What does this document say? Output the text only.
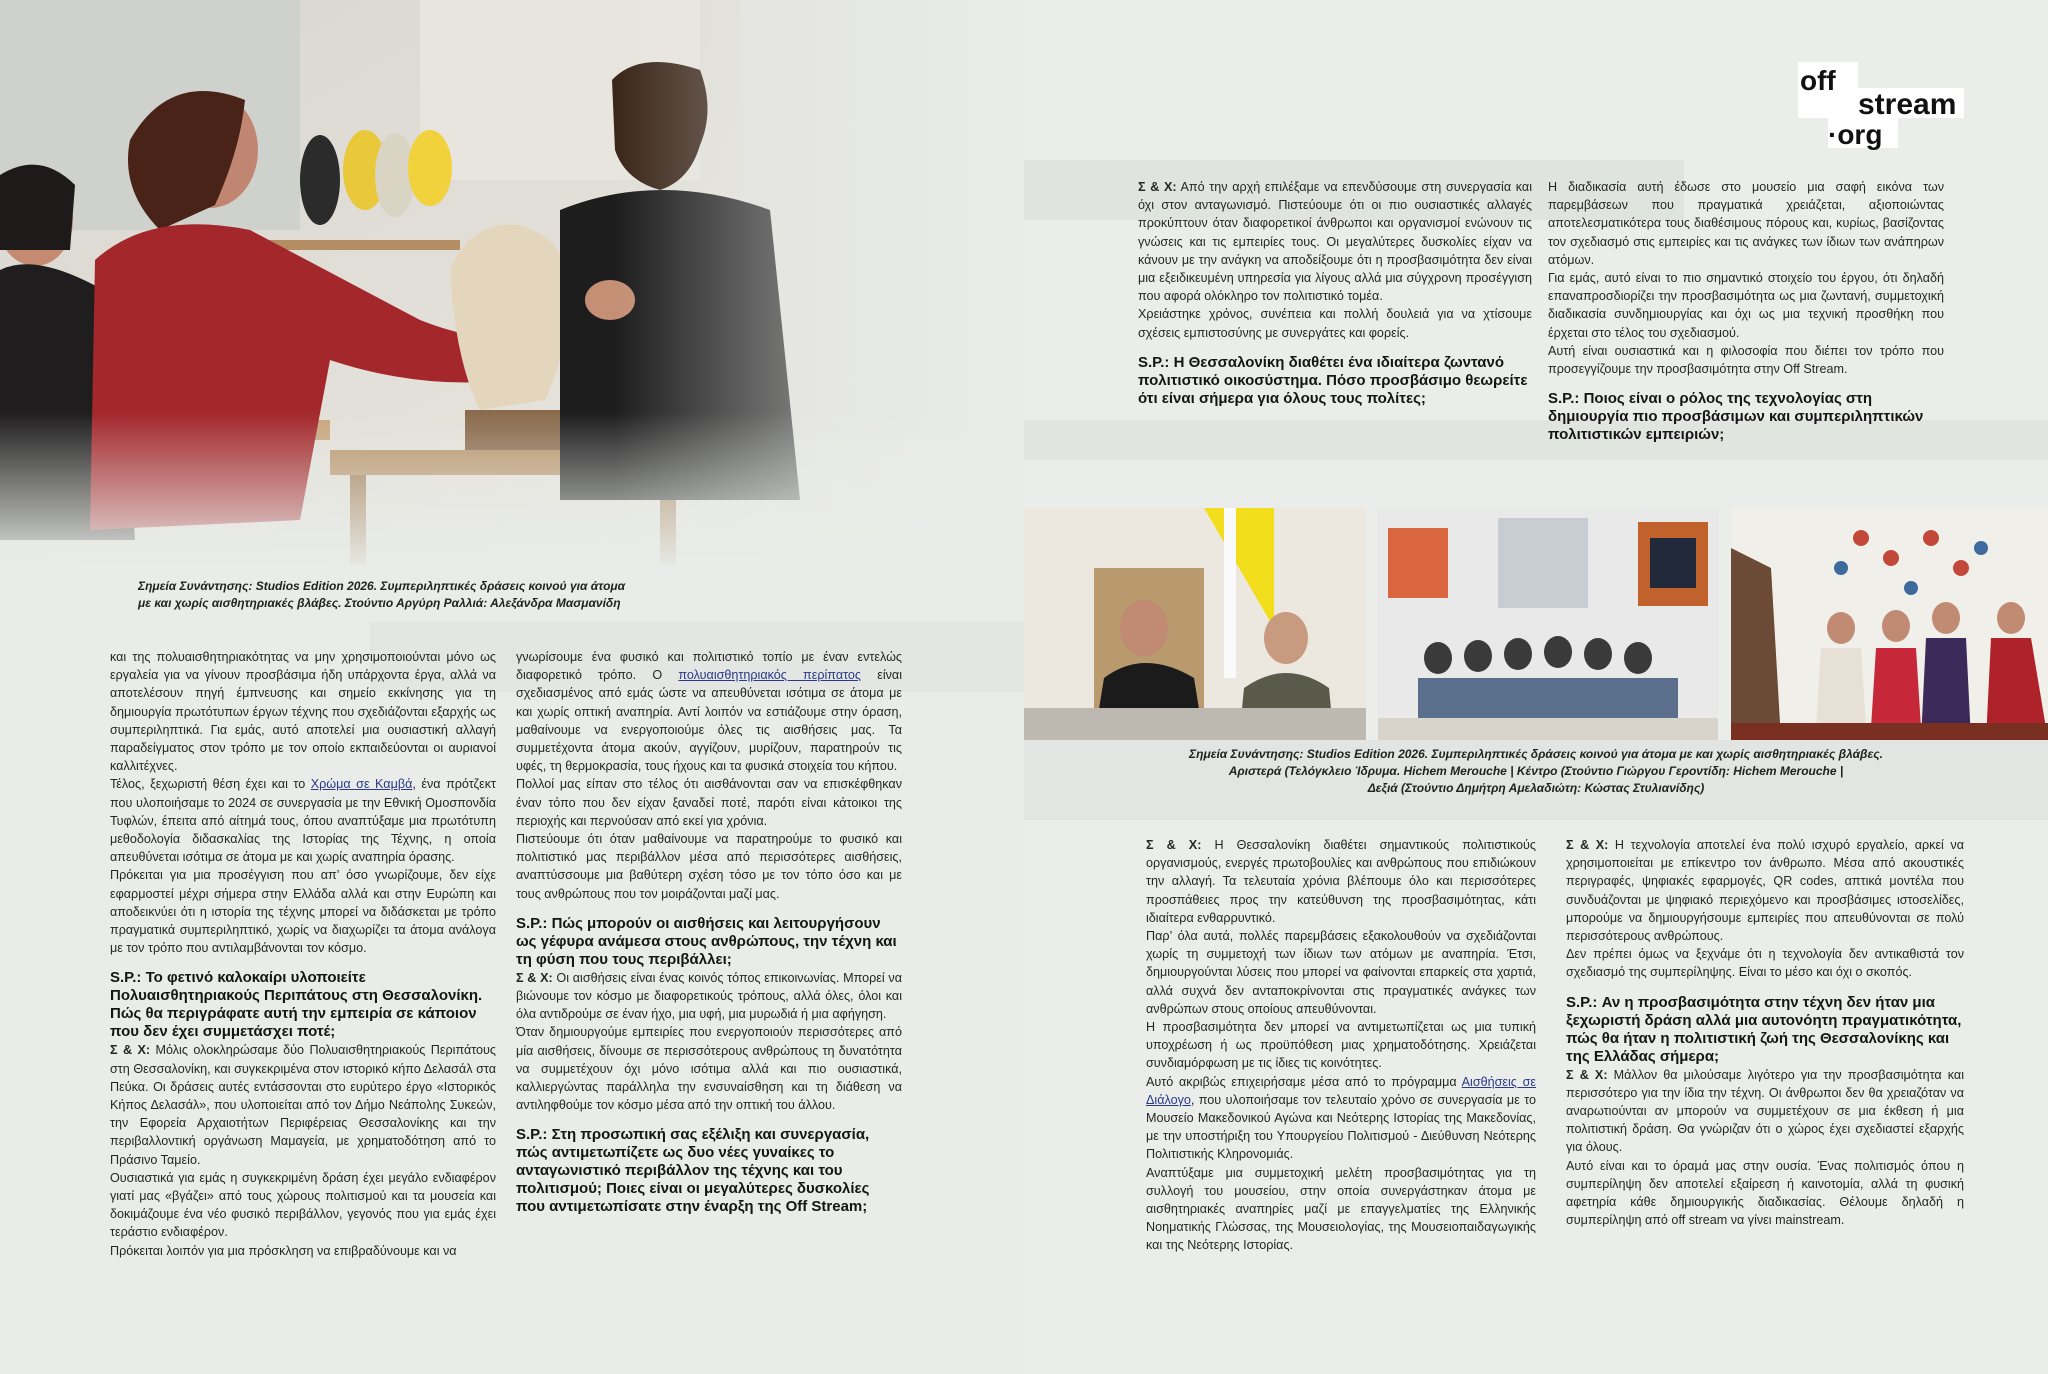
Σημεία Συνάντησης: Studios Edition 2026. Συμπεριληπτικές δράσεις κοινού για άτομα
με και χωρίς αισθητηριακές βλάβες. Στούντιο Αργύρη Ραλλιά: Αλεξάνδρα Μασμανίδη

και της πολυαισθητηριακότητας να μην χρησιμοποιούνται μόνο ως εργαλεία για να γίνουν προσβάσιμα ήδη υπάρχοντα έργα, αλλά να αποτελέσουν πηγή έμπνευσης και σημείο εκκίνησης για τη δημιουργία πρωτότυπων έργων τέχνης που σχεδιάζονται εξαρχής ως συμπεριληπτικά. Για εμάς, αυτό αποτελεί μια ουσιαστική αλλαγή παραδείγματος στον τρόπο με τον οποίο εκπαιδεύονται οι αυριανοί καλλιτέχνες.

Τέλος, ξεχωριστή θέση έχει και το Χρώμα σε Καμβά, ένα πρότζεκτ που υλοποιήσαμε το 2024 σε συνεργασία με την Εθνική Ομοσπονδία Τυφλών, έπειτα από αίτημά τους, όπου αναπτύξαμε μια πρωτότυπη μεθοδολογία διδασκαλίας της Ιστορίας της Τέχνης, η οποία απευθύνεται ισότιμα σε άτομα με και χωρίς αναπηρία όρασης.

Πρόκειται για μια προσέγγιση που απ’ όσο γνωρίζουμε, δεν είχε εφαρμοστεί μέχρι σήμερα στην Ελλάδα αλλά και στην Ευρώπη και αποδεικνύει ότι η ιστορία της τέχνης μπορεί να διδάσκεται με τρόπο πραγματικά συμπεριληπτικό, χωρίς να διαχωρίζει τα άτομα ανάλογα με τον τρόπο που αντιλαμβάνονται τον κόσμο.

S.P.: Το φετινό καλοκαίρι υλοποιείτε Πολυαισθητηριακούς Περιπάτους στη Θεσσαλονίκη. Πώς θα περιγράφατε αυτή την εμπειρία σε κάποιον που δεν έχει συμμετάσχει ποτέ;

Σ & Χ: Μόλις ολοκληρώσαμε δύο Πολυαισθητηριακούς Περιπάτους στη Θεσσαλονίκη, και συγκεκριμένα στον ιστορικό κήπο Δελασάλ στα Πεύκα. Οι δράσεις αυτές εντάσσονται στο ευρύτερο έργο «Ιστορικός Κήπος Δελασάλ», που υλοποιείται από τον Δήμο Νεάπολης Συκεών, την Εφορεία Αρχαιοτήτων Περιφέρειας Θεσσαλονίκης και την περιβαλλοντική οργάνωση Μαμαγεία, με χρηματοδότηση από το Πράσινο Ταμείο.

Ουσιαστικά για εμάς η συγκεκριμένη δράση έχει μεγάλο ενδιαφέρον γιατί μας «βγάζει» από τους χώρους πολιτισμού και τα μουσεία και δοκιμάζουμε ένα νέο φυσικό περιβάλλον, γεγονός που για εμάς έχει τεράστιο ενδιαφέρον.

Πρόκειται λοιπόν για μια πρόσκληση να επιβραδύνουμε και να

γνωρίσουμε ένα φυσικό και πολιτιστικό τοπίο με έναν εντελώς διαφορετικό τρόπο. Ο πολυαισθητηριακός περίπατος είναι σχεδιασμένος από εμάς ώστε να απευθύνεται ισότιμα σε άτομα με και χωρίς οπτική αναπηρία. Αντί λοιπόν να εστιάζουμε στην όραση, μαθαίνουμε να ενεργοποιούμε όλες τις αισθήσεις μας. Τα συμμετέχοντα άτομα ακούν, αγγίζουν, μυρίζουν, παρατηρούν τις υφές, τη θερμοκρασία, τους ήχους και τα φυσικά στοιχεία του κήπου.

Πολλοί μας είπαν στο τέλος ότι αισθάνονται σαν να επισκέφθηκαν έναν τόπο που δεν είχαν ξαναδεί ποτέ, παρότι είναι κάτοικοι της περιοχής και περνούσαν από εκεί για χρόνια.

Πιστεύουμε ότι όταν μαθαίνουμε να παρατηρούμε το φυσικό και πολιτιστικό μας περιβάλλον μέσα από περισσότερες αισθήσεις, αναπτύσσουμε μια βαθύτερη σχέση τόσο με τον τόπο όσο και με τους ανθρώπους που τον μοιράζονται μαζί μας.

S.P.: Πώς μπορούν οι αισθήσεις και λειτουργήσουν ως γέφυρα ανάμεσα στους ανθρώπους, την τέχνη και τη φύση που τους περιβάλλει;

Σ & Χ: Οι αισθήσεις είναι ένας κοινός τόπος επικοινωνίας. Μπορεί να βιώνουμε τον κόσμο με διαφορετικούς τρόπους, αλλά όλες, όλοι και όλα αντιδρούμε σε έναν ήχο, μια υφή, μια μυρωδιά ή μια αφήγηση.

Όταν δημιουργούμε εμπειρίες που ενεργοποιούν περισσότερες από μία αισθήσεις, δίνουμε σε περισσότερους ανθρώπους τη δυνατότητα να συμμετέχουν όχι μόνο ισότιμα αλλά και πιο ουσιαστικά, καλλιεργώντας παράλληλα την ενσυναίσθηση και τη διάθεση να αντιληφθούμε τον κόσμο μέσα από την οπτική του άλλου.

S.P.: Στη προσωπική σας εξέλιξη και συνεργασία, πώς αντιμετωπίζετε ως δυο νέες γυναίκες το ανταγωνιστικό περιβάλλον της τέχνης και του πολιτισμού; Ποιες είναι οι μεγαλύτερες δυσκολίες που αντιμετωπίσατε στην έναρξη της Off Stream;

off
stream
·org

Σ & Χ: Από την αρχή επιλέξαμε να επενδύσουμε στη συνεργασία και όχι στον ανταγωνισμό. Πιστεύουμε ότι οι πιο ουσιαστικές αλλαγές προκύπτουν όταν διαφορετικοί άνθρωποι και οργανισμοί ενώνουν τις γνώσεις και τις εμπειρίες τους. Οι μεγαλύτερες δυσκολίες είχαν να κάνουν με την ανάγκη να αποδείξουμε ότι η προσβασιμότητα δεν είναι μια εξειδικευμένη υπηρεσία για λίγους αλλά μια σύγχρονη προσέγγιση που αφορά ολόκληρο τον πολιτιστικό τομέα.

Χρειάστηκε χρόνος, συνέπεια και πολλή δουλειά για να χτίσουμε σχέσεις εμπιστοσύνης με συνεργάτες και φορείς.

S.P.: Η Θεσσαλονίκη διαθέτει ένα ιδιαίτερα ζωντανό πολιτιστικό οικοσύστημα. Πόσο προσβάσιμο θεωρείτε ότι είναι σήμερα για όλους τους πολίτες;

Η διαδικασία αυτή έδωσε στο μουσείο μια σαφή εικόνα των παρεμβάσεων που πραγματικά χρειάζεται, αξιοποιώντας αποτελεσματικότερα τους διαθέσιμους πόρους και, κυρίως, βασίζοντας τον σχεδιασμό στις εμπειρίες και τις ανάγκες των ίδιων των ανάπηρων ατόμων.

Για εμάς, αυτό είναι το πιο σημαντικό στοιχείο του έργου, ότι δηλαδή επαναπροσδιορίζει την προσβασιμότητα ως μια ζωντανή, συμμετοχική διαδικασία συνδημιουργίας και όχι ως μια τεχνική προσθήκη που έρχεται στο τέλος του σχεδιασμού.

Αυτή είναι ουσιαστικά και η φιλοσοφία που διέπει τον τρόπο που προσεγγίζουμε την προσβασιμότητα στην Off Stream.

S.P.: Ποιος είναι ο ρόλος της τεχνολογίας στη δημιουργία πιο προσβάσιμων και συμπεριληπτικών πολιτιστικών εμπειριών;

Σημεία Συνάντησης: Studios Edition 2026. Συμπεριληπτικές δράσεις κοινού για άτομα με και χωρίς αισθητηριακές βλάβες.
Αριστερά (Τελόγκλειο Ίδρυμα. Hichem Merouche | Κέντρο (Στούντιο Γιώργου Γεροντίδη: Hichem Merouche |
Δεξιά (Στούντιο Δημήτρη Αμελαδιώτη: Κώστας Στυλιανίδης)

Σ & Χ: Η Θεσσαλονίκη διαθέτει σημαντικούς πολιτιστικούς οργανισμούς, ενεργές πρωτοβουλίες και ανθρώπους που επιδιώκουν την αλλαγή. Τα τελευταία χρόνια βλέπουμε όλο και περισσότερες προσπάθειες προς την κατεύθυνση της προσβασιμότητας, κάτι ιδιαίτερα ενθαρρυντικό.

Παρ’ όλα αυτά, πολλές παρεμβάσεις εξακολουθούν να σχεδιάζονται χωρίς τη συμμετοχή των ίδιων των ατόμων με αναπηρία. Έτσι, δημιουργούνται λύσεις που μπορεί να φαίνονται επαρκείς στα χαρτιά, αλλά συχνά δεν ανταποκρίνονται στις πραγματικές ανάγκες των ανθρώπων στους οποίους απευθύνονται.

Η προσβασιμότητα δεν μπορεί να αντιμετωπίζεται ως μια τυπική υποχρέωση ή ως προϋπόθεση μιας χρηματοδότησης. Χρειάζεται συνδιαμόρφωση με τις ίδιες τις κοινότητες.

Αυτό ακριβώς επιχειρήσαμε μέσα από το πρόγραμμα Αισθήσεις σε Διάλογο, που υλοποιήσαμε τον τελευταίο χρόνο σε συνεργασία με το Μουσείο Μακεδονικού Αγώνα και Νεότερης Ιστορίας της Μακεδονίας, με την υποστήριξη του Υπουργείου Πολιτισμού - Διεύθυνση Νεότερης Πολιτιστικής Κληρονομιάς.

Αναπτύξαμε μια συμμετοχική μελέτη προσβασιμότητας για τη συλλογή του μουσείου, στην οποία συνεργάστηκαν άτομα με αισθητηριακές αναπηρίες μαζί με επαγγελματίες της Ελληνικής Νοηματικής Γλώσσας, της Μουσειολογίας, της Μουσειοπαιδαγωγικής και της Νεότερης Ιστορίας.

Σ & Χ: Η τεχνολογία αποτελεί ένα πολύ ισχυρό εργαλείο, αρκεί να χρησιμοποιείται με επίκεντρο τον άνθρωπο. Μέσα από ακουστικές περιγραφές, ψηφιακές εφαρμογές, QR codes, απτικά μοντέλα που συνδυάζονται με ψηφιακό περιεχόμενο και προσβάσιμες ιστοσελίδες, μπορούμε να δημιουργήσουμε εμπειρίες που απευθύνονται σε πολύ περισσότερους ανθρώπους.

Δεν πρέπει όμως να ξεχνάμε ότι η τεχνολογία δεν αντικαθιστά τον σχεδιασμό της συμπερίληψης. Είναι το μέσο και όχι ο σκοπός.

S.P.: Αν η προσβασιμότητα στην τέχνη δεν ήταν μια ξεχωριστή δράση αλλά μια αυτονόητη πραγματικότητα, πώς θα ήταν η πολιτιστική ζωή της Θεσσαλονίκης και της Ελλάδας σήμερα;

Σ & Χ: Μάλλον θα μιλούσαμε λιγότερο για την προσβασιμότητα και περισσότερο για την ίδια την τέχνη. Οι άνθρωποι δεν θα χρειαζόταν να αναρωτιούνται αν μπορούν να συμμετέχουν σε μια έκθεση ή μια πολιτιστική δράση. Θα γνώριζαν ότι ο χώρος έχει σχεδιαστεί εξαρχής για όλους.

Αυτό είναι και το όραμά μας στην ουσία. Ένας πολιτισμός όπου η συμπερίληψη δεν αποτελεί εξαίρεση ή καινοτομία, αλλά τη φυσική αφετηρία κάθε δημιουργικής διαδικασίας. Θέλουμε δηλαδή η συμπερίληψη από off stream να γίνει mainstream.
